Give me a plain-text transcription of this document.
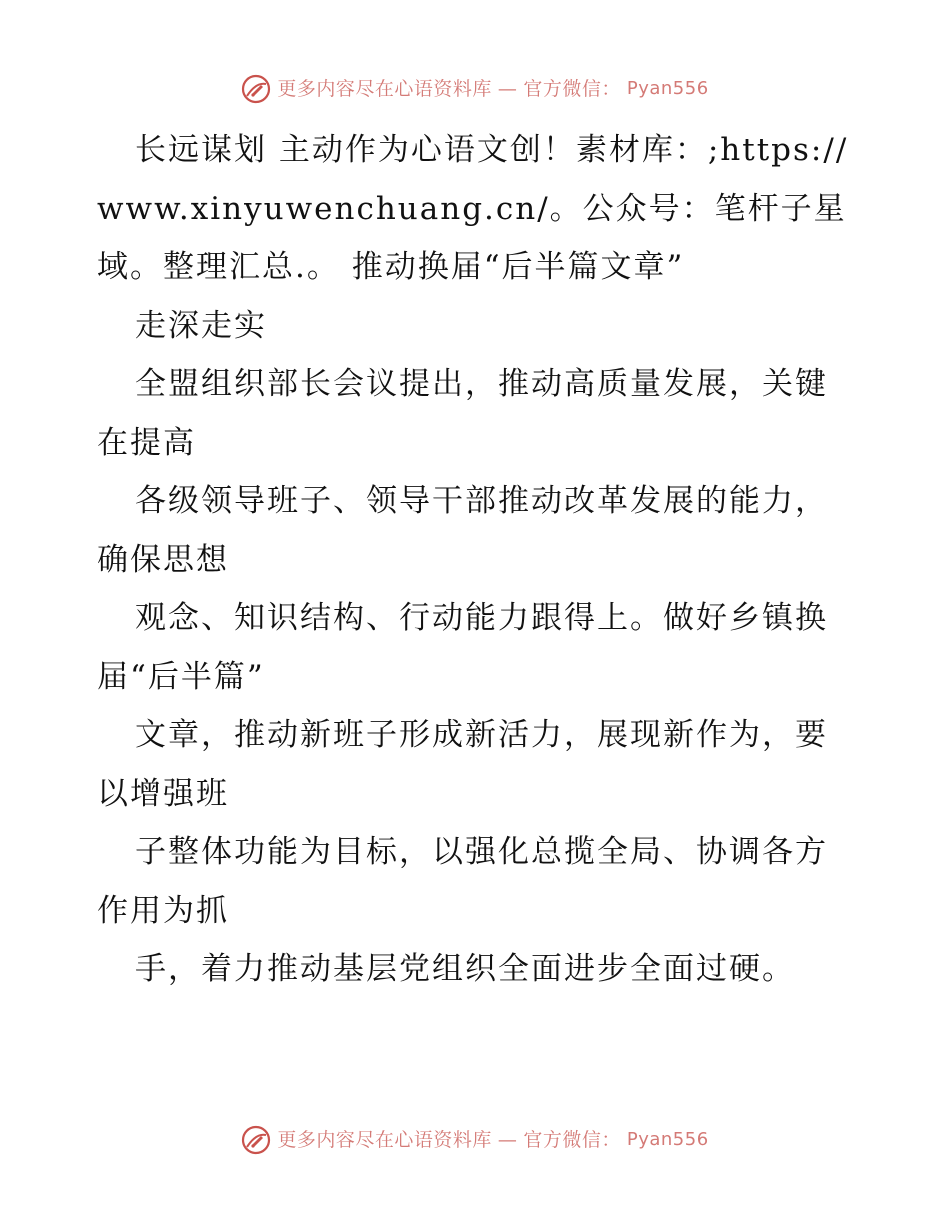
更多内容尽在心语资料库 — 官方微信： Pyan556

长远谋划 主动作为心语文创！素材库：;https://www.xinyuwenchuang.cn/。公众号：笔杆子星域。整理汇总.。 推动换届“后半篇文章”

走深走实

全盟组织部长会议提出，推动高质量发展，关键在提高

各级领导班子、领导干部推动改革发展的能力，确保思想

观念、知识结构、行动能力跟得上。做好乡镇换届“后半篇”

文章，推动新班子形成新活力，展现新作为，要以增强班

子整体功能为目标，以强化总揽全局、协调各方作用为抓

手，着力推动基层党组织全面进步全面过硬。

更多内容尽在心语资料库 — 官方微信： Pyan556
